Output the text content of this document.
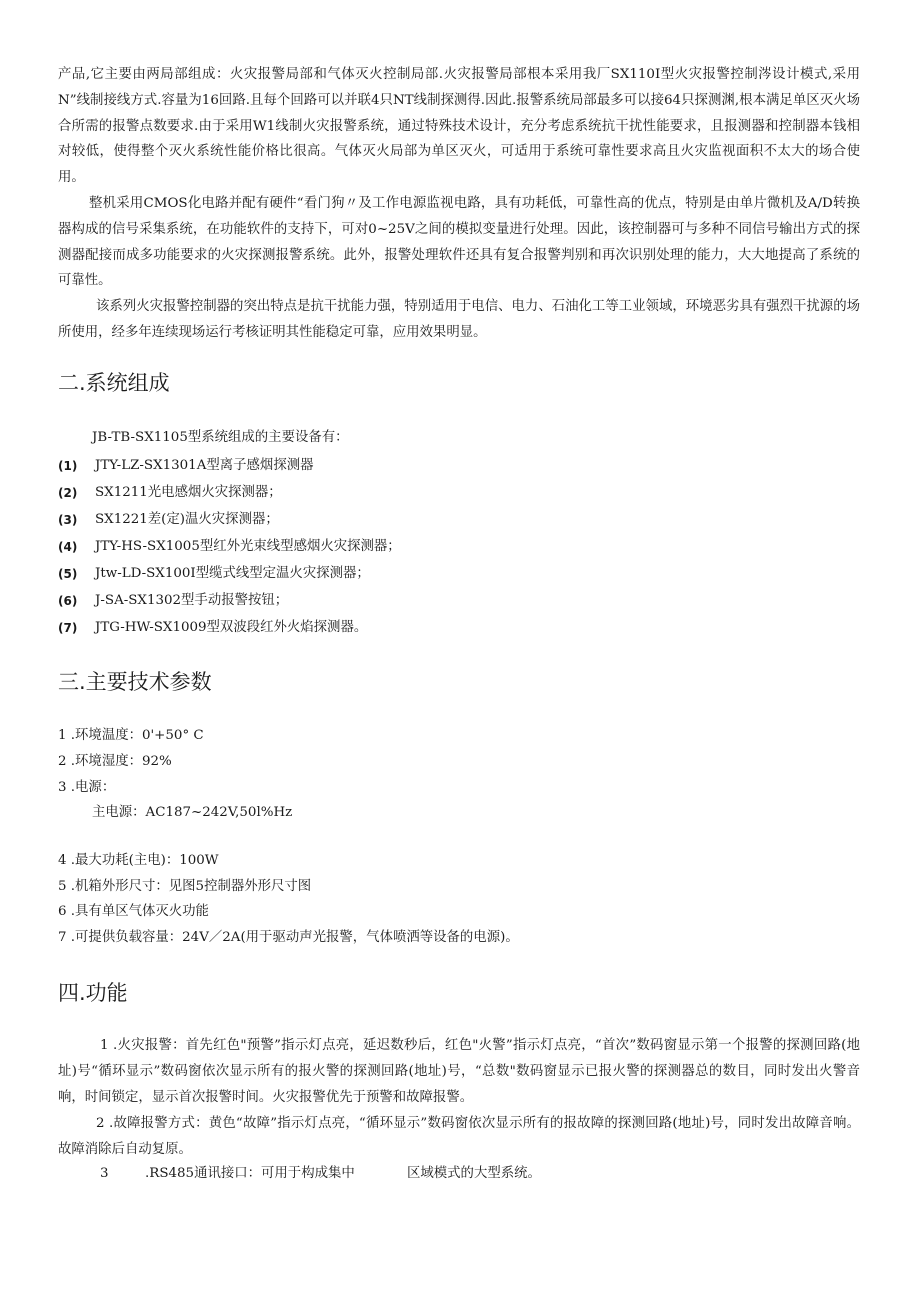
产品,它主要由两局部组成：火灾报警局部和气体灭火控制局部.火灾报警局部根本采用我厂SX110I型火灾报警控制涔设计模式,采用N”线制接线方式.容量为16回路.且每个回路可以并联4只NT线制探测得.因此.报警系统局部最多可以接64只探测渊,根本满足单区灭火场合所需的报警点数要求.由于采用W1线制火灾报警系统，通过特殊技术设计，充分考虑系统抗干扰性能要求，且报测器和控制器本钱相对较低，使得整个灭火系统性能价格比很高。气体灭火局部为单区灭火，可适用于系统可靠性要求高且火灾监视面积不太大的场合使用。

整机采用CMOS化电路并配有硬件“看门狗〃及工作电源监视电路，具有功耗低，可靠性高的优点，特别是由单片微机及A/D转换器构成的信号采集系统，在功能软件的支持下，可对0~25V之间的模拟变量进行处理。因此，该控制器可与多种不同信号输出方式的探测器配接而成多功能要求的火灾探测报警系统。此外，报警处理软件还具有复合报警判别和再次识别处理的能力，大大地提高了系统的可靠性。

该系列火灾报警控制器的突出特点是抗干扰能力强，特别适用于电信、电力、石油化工等工业领域，环境恶劣具有强烈干扰源的场所使用，经多年连续现场运行考核证明其性能稳定可靠，应用效果明显。

二.系统组成

JB-TB-SX1105型系统组成的主要设备有：

(1) JTY-LZ-SX1301A型离子感烟探测器
(2) SX1211光电感烟火灾探测器；
(3) SX1221差(定)温火灾探测器；
(4) JTY-HS-SX1005型红外光束线型感烟火灾探测器；
(5) Jtw-LD-SX100I型缆式线型定温火灾探测器；
(6) J-SA-SX1302型手动报警按钮；
(7) JTG-HW-SX1009型双波段红外火焰探测器。
三.主要技术参数

1 .环境温度：0'+50° C

2 .环境湿度：92%

3 .电源：

主电源：AC187~242V,50l%Hz

4 .最大功耗(主电)：100W

5 .机箱外形尺寸：见图5控制器外形尺寸图

6 .具有单区气体灭火功能

7 .可提供负载容量：24V／2A(用于驱动声光报警，气体喷洒等设备的电源)。

四.功能

1 .火灾报警：首先红色"预警”指示灯点亮，延迟数秒后，红色"火警”指示灯点亮，“首次”数码窗显示第一个报警的探测回路(地址)号“循环显示”数码窗依次显示所有的报火警的探测回路(地址)号，“总数"数码窗显示已报火警的探测器总的数目，同时发出火警音响，时间锁定，显示首次报警时间。火灾报警优先于预警和故障报警。

2 .故障报警方式：黄色“故障”指示灯点亮，“循环显示”数码窗依次显示所有的报故障的探测回路(地址)号，同时发出故障音响。故障消除后自动复原。

3	.RS485通讯接口：可用于构成集中	区域模式的大型系统。
